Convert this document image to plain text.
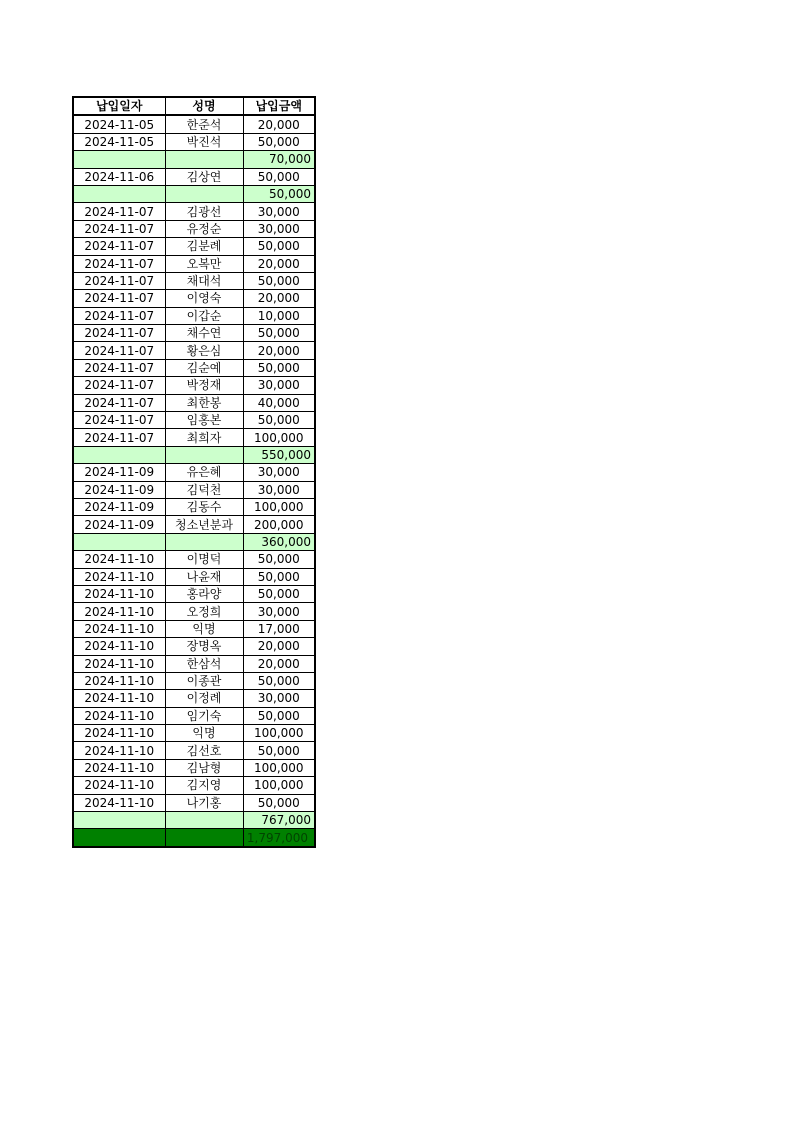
납입일자	성명	납입금액
2024-11-05	한준석	20,000
2024-11-05	박진석	50,000
		70,000
2024-11-06	김상연	50,000
		50,000
2024-11-07	김광선	30,000
2024-11-07	유정순	30,000
2024-11-07	김분례	50,000
2024-11-07	오복만	20,000
2024-11-07	채대석	50,000
2024-11-07	이영숙	20,000
2024-11-07	이갑순	10,000
2024-11-07	채수연	50,000
2024-11-07	황은심	20,000
2024-11-07	김순예	50,000
2024-11-07	박정재	30,000
2024-11-07	최한봉	40,000
2024-11-07	임홍본	50,000
2024-11-07	최희자	100,000
		550,000
2024-11-09	유은혜	30,000
2024-11-09	김덕천	30,000
2024-11-09	김동수	100,000
2024-11-09	청소년분과	200,000
		360,000
2024-11-10	이명덕	50,000
2024-11-10	나윤재	50,000
2024-11-10	홍라양	50,000
2024-11-10	오정희	30,000
2024-11-10	익명	17,000
2024-11-10	장명옥	20,000
2024-11-10	한삼석	20,000
2024-11-10	이종관	50,000
2024-11-10	이정례	30,000
2024-11-10	임기숙	50,000
2024-11-10	익명	100,000
2024-11-10	김선호	50,000
2024-11-10	김남형	100,000
2024-11-10	김지영	100,000
2024-11-10	나기홍	50,000
		767,000
		1,797,000
